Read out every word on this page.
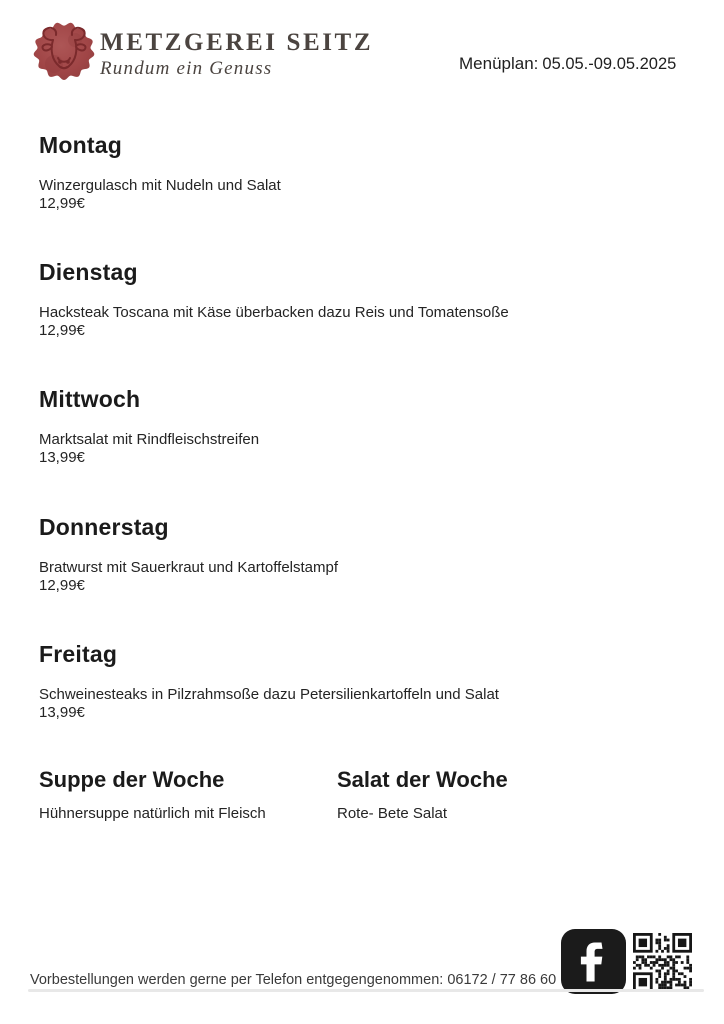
METZGEREI SEITZ
Rundum ein Genuss	Menüplan: 05.05.-09.05.2025
Montag
Winzergulasch mit Nudeln und Salat
12,99€
Dienstag
Hacksteak Toscana mit Käse überbacken dazu Reis und Tomatensoße
12,99€
Mittwoch
Marktsalat mit Rindfleischstreifen
13,99€
Donnerstag
Bratwurst mit Sauerkraut und Kartoffelstampf
12,99€
Freitag
Schweinesteaks in Pilzrahmsoße dazu Petersilienkartoffeln und Salat
13,99€
Suppe der Woche
Hühnersuppe natürlich mit Fleisch
Salat der Woche
Rote- Bete Salat
Vorbestellungen werden gerne per Telefon entgegengenommen: 06172 / 77 86 60
